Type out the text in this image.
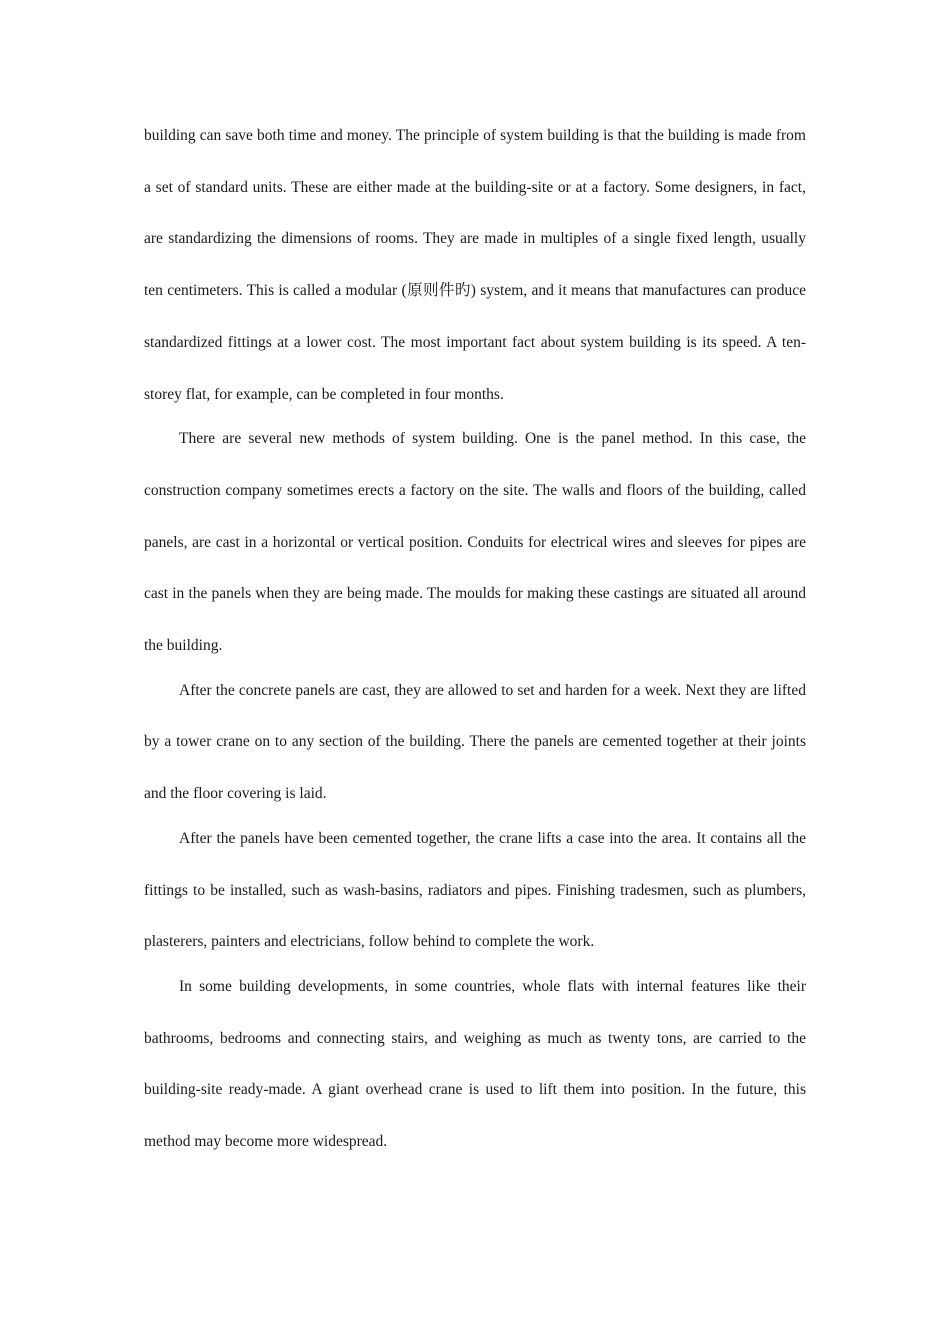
building can save both time and money. The principle of system building is that the building is made from a set of standard units. These are either made at the building-site or at a factory. Some designers, in fact, are standardizing the dimensions of rooms. They are made in multiples of a single fixed length, usually ten centimeters. This is called a modular (原则件旳) system, and it means that manufactures can produce standardized fittings at a lower cost. The most important fact about system building is its speed. A ten-storey flat, for example, can be completed in four months.

There are several new methods of system building. One is the panel method. In this case, the construction company sometimes erects a factory on the site. The walls and floors of the building, called panels, are cast in a horizontal or vertical position. Conduits for electrical wires and sleeves for pipes are cast in the panels when they are being made. The moulds for making these castings are situated all around the building.

After the concrete panels are cast, they are allowed to set and harden for a week. Next they are lifted by a tower crane on to any section of the building. There the panels are cemented together at their joints and the floor covering is laid.

After the panels have been cemented together, the crane lifts a case into the area. It contains all the fittings to be installed, such as wash-basins, radiators and pipes. Finishing tradesmen, such as plumbers, plasterers, painters and electricians, follow behind to complete the work.

In some building developments, in some countries, whole flats with internal features like their bathrooms, bedrooms and connecting stairs, and weighing as much as twenty tons, are carried to the building-site ready-made. A giant overhead crane is used to lift them into position. In the future, this method may become more widespread.
